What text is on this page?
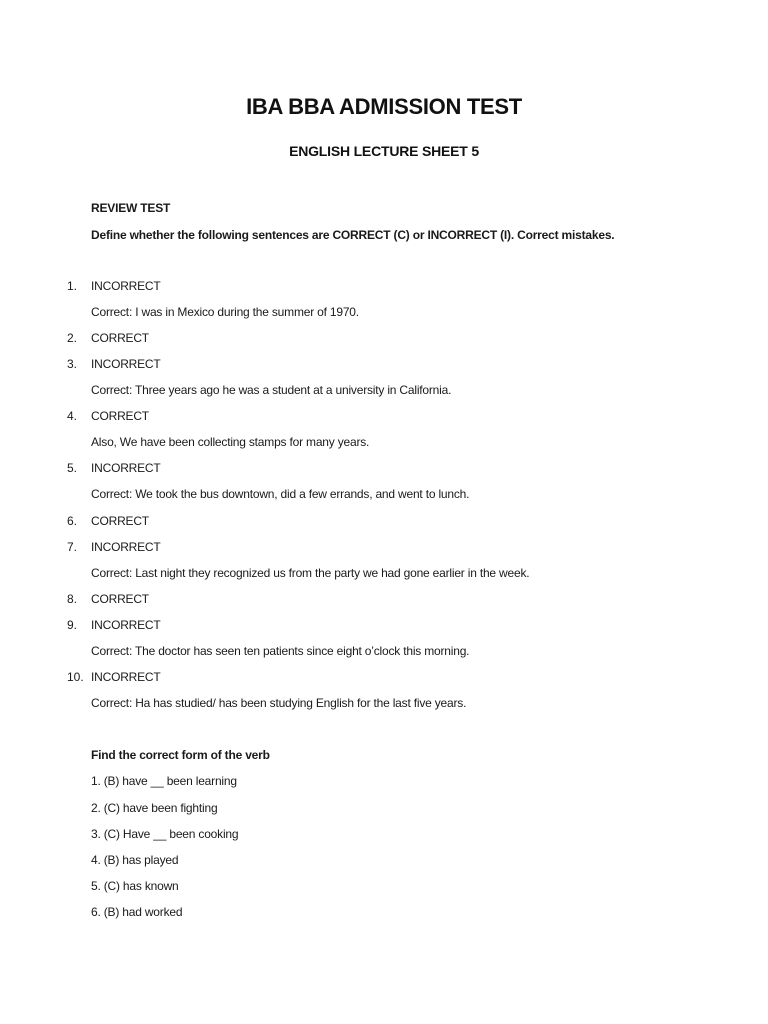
IBA BBA ADMISSION TEST
ENGLISH LECTURE SHEET 5
REVIEW TEST
Define whether the following sentences are CORRECT (C) or INCORRECT (I). Correct mistakes.
1. INCORRECT
Correct: I was in Mexico during the summer of 1970.
2. CORRECT
3. INCORRECT
Correct: Three years ago he was a student at a university in California.
4. CORRECT
Also, We have been collecting stamps for many years.
5. INCORRECT
Correct: We took the bus downtown, did a few errands, and went to lunch.
6. CORRECT
7. INCORRECT
Correct: Last night they recognized us from the party we had gone earlier in the week.
8. CORRECT
9. INCORRECT
Correct: The doctor has seen ten patients since eight o’clock this morning.
10. INCORRECT
Correct: Ha has studied/ has been studying English for the last five years.
Find the correct form of the verb
1. (B) have __ been learning
2. (C) have been fighting
3. (C) Have __ been cooking
4. (B) has played
5. (C) has known
6. (B) had worked
